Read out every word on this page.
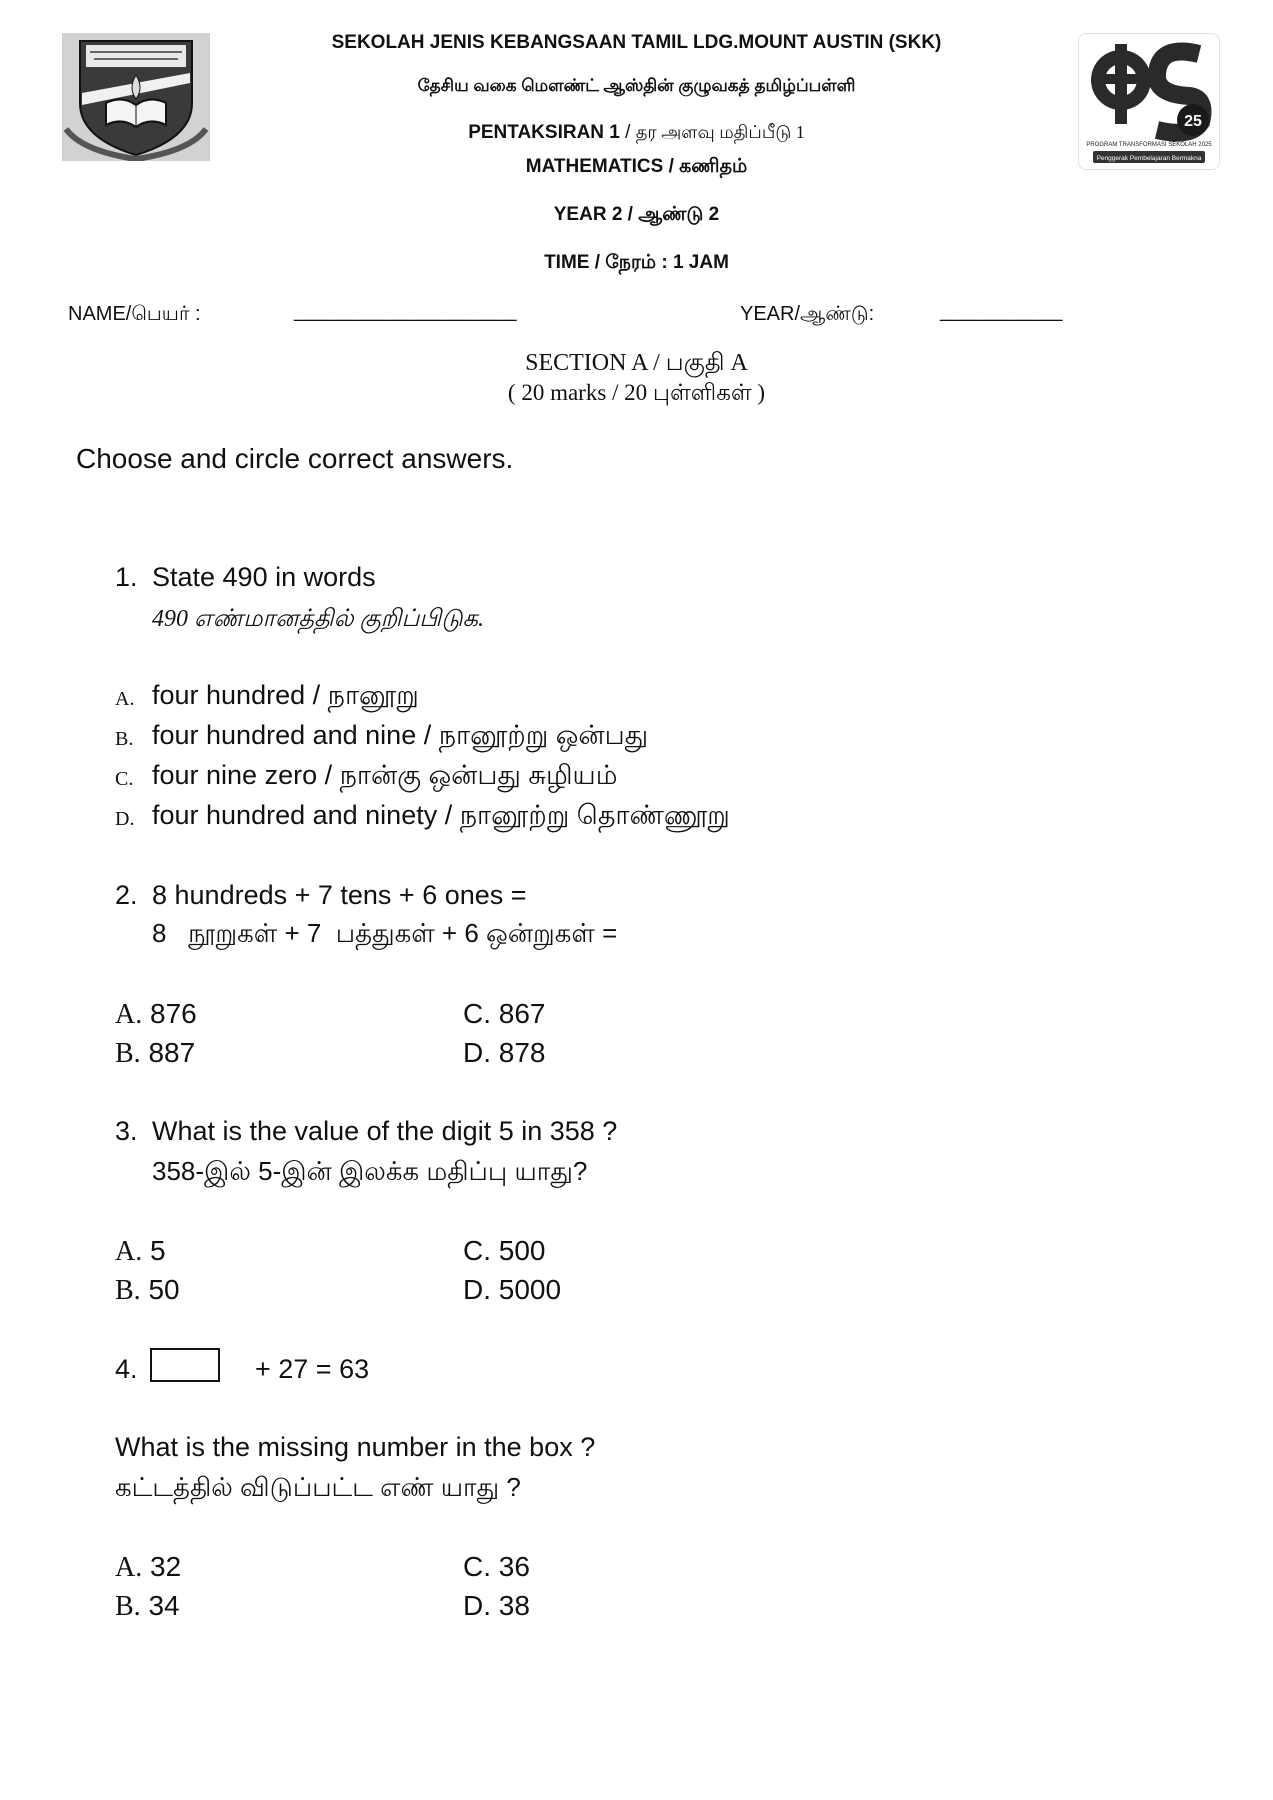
25
PROGRAM TRANSFORMASI SEKOLAH 2025
Penggerak Pembelajaran Bermakna
SEKOLAH JENIS KEBANGSAAN TAMIL LDG.MOUNT AUSTIN (SKK)
தேசிய வகை மௌண்ட் ஆஸ்தின் குழுவகத் தமிழ்ப்பள்ளி
PENTAKSIRAN 1 / தர அளவு மதிப்பீடு 1
MATHEMATICS / கணிதம்
YEAR 2 / ஆண்டு 2
TIME / நேரம் : 1 JAM
NAME/பெயர் :	____________________	YEAR/ஆண்டு:	___________
SECTION A / பகுதி A
( 20 marks / 20 புள்ளிகள் )
Choose and circle correct answers.
1. State 490 in words
490 எண்மானத்தில் குறிப்பிடுக.
A. four hundred / நானூறு
B. four hundred and nine / நானூற்று ஒன்பது
C. four nine zero / நான்கு ஒன்பது சுழியம்
D. four hundred and ninety / நானூற்று தொண்ணூறு
2. 8 hundreds + 7 tens + 6 ones =
8   நூறுகள் + 7  பத்துகள் + 6 ஒன்றுகள் =
A. 876
B. 887
C. 867
D. 878
3. What is the value of the digit 5 in 358 ?
358-இல் 5-இன் இலக்க மதிப்பு யாது?
A. 5
B. 50
C. 500
D. 5000
4.	+ 27 = 63
What is the missing number in the box ?
கட்டத்தில் விடுப்பட்ட எண் யாது ?
A. 32
B. 34
C. 36
D. 38
